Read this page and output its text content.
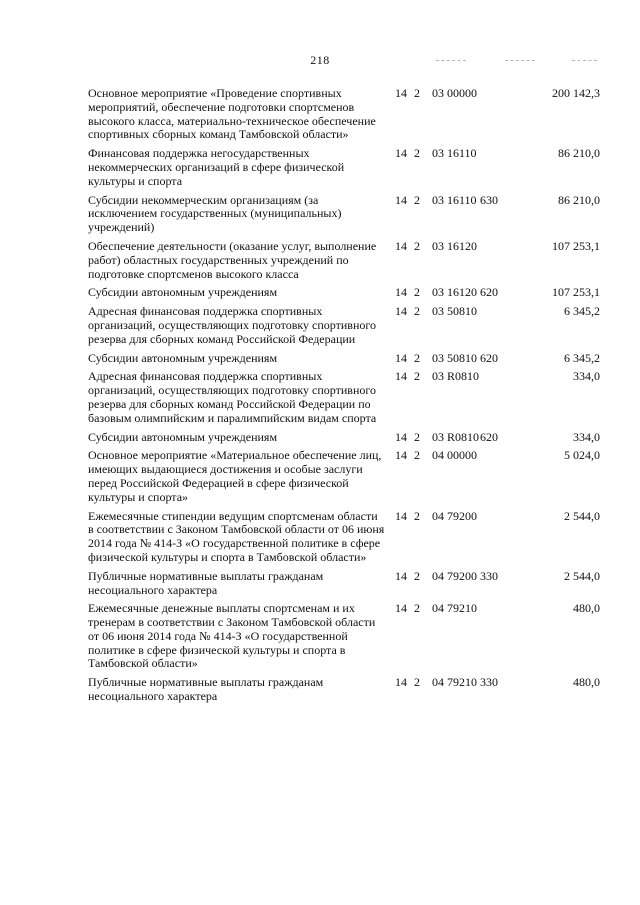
218
Основное мероприятие «Проведение спортивных мероприятий, обеспечение подготовки спортсменов высокого класса, материально-техническое обеспечение спортивных сборных команд Тамбовской области»
14 2	03 00000	200 142,3
Финансовая поддержка негосударственных некоммерческих организаций в сфере физической культуры и спорта
14 2	03 16110	86 210,0
Субсидии некоммерческим организациям (за исключением государственных (муниципальных) учреждений)
14 2	03 16110 630	86 210,0
Обеспечение деятельности (оказание услуг, выполнение работ) областных государственных учреждений по подготовке спортсменов высокого класса
14 2	03 16120	107 253,1
Субсидии автономным учреждениям	14 2	03 16120 620	107 253,1
Адресная финансовая поддержка спортивных организаций, осуществляющих подготовку спортивного резерва для сборных команд Российской Федерации
14 2	03 50810	6 345,2
Субсидии автономным учреждениям	14 2	03 50810 620	6 345,2
Адресная финансовая поддержка спортивных организаций, осуществляющих подготовку спортивного резерва для сборных команд Российской Федерации по базовым олимпийским и паралимпийским видам спорта
14 2	03 R0810	334,0
Субсидии автономным учреждениям	14 2	03 R0810 620	334,0
Основное мероприятие «Материальное обеспечение лиц, имеющих выдающиеся достижения и особые заслуги перед Российской Федерацией в сфере физической культуры и спорта»
14 2	04 00000	5 024,0
Ежемесячные стипендии ведущим спортсменам области в соответствии с Законом Тамбовской области от 06 июня 2014 года № 414-З «О государственной политике в сфере физической культуры и спорта в Тамбовской области»
14 2	04 79200	2 544,0
Публичные нормативные выплаты гражданам несоциального характера
14 2	04 79200 330	2 544,0
Ежемесячные денежные выплаты спортсменам и их тренерам в соответствии с Законом Тамбовской области от 06 июня 2014 года № 414-З «О государственной политике в сфере физической культуры и спорта в Тамбовской области»
14 2	04 79210	480,0
Публичные нормативные выплаты гражданам несоциального характера
14 2	04 79210 330	480,0
